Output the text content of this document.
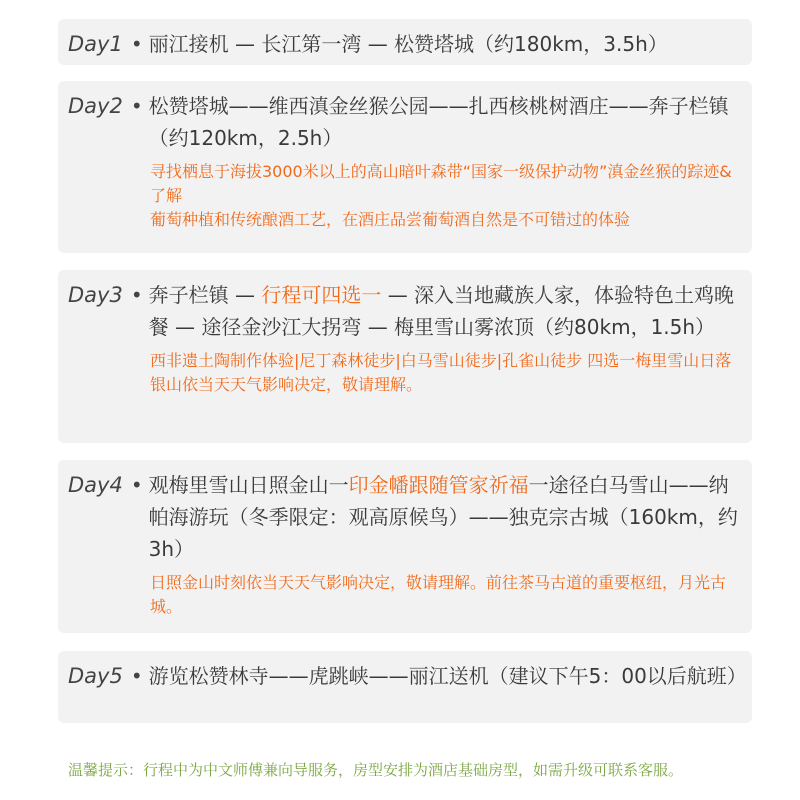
Day1 • 丽江接机 — 长江第一湾 — 松赞塔城（约180km，3.5h）
Day2 • 松赞塔城——维西滇金丝猴公园——扎西核桃树酒庄——奔子栏镇（约120km，2.5h）
寻找栖息于海拔3000米以上的高山暗叶森带“国家一级保护动物”滇金丝猴的踪迹&了解
葡萄种植和传统酿酒工艺，在酒庄品尝葡萄酒自然是不可错过的体验
Day3 • 奔子栏镇 — 行程可四选一 — 深入当地藏族人家，体验特色土鸡晚餐 — 途径金沙江大拐弯 — 梅里雪山雾浓顶（约80km，1.5h）
西非遗土陶制作体验|尼丁森林徒步|白马雪山徒步|孔雀山徒步 四选一梅里雪山日落银山依当天天气影响决定，敬请理解。
Day4 • 观梅里雪山日照金山一印金幡跟随管家祈福一途径白马雪山——纳帕海游玩（冬季限定：观高原候鸟）——独克宗古城（160km，约3h）
日照金山时刻依当天天气影响决定，敬请理解。前往茶马古道的重要枢纽，月光古城。
Day5 • 游览松赞林寺——虎跳峡——丽江送机（建议下午5：00以后航班）
温馨提示：行程中为中文师傅兼向导服务，房型安排为酒店基础房型，如需升级可联系客服。
